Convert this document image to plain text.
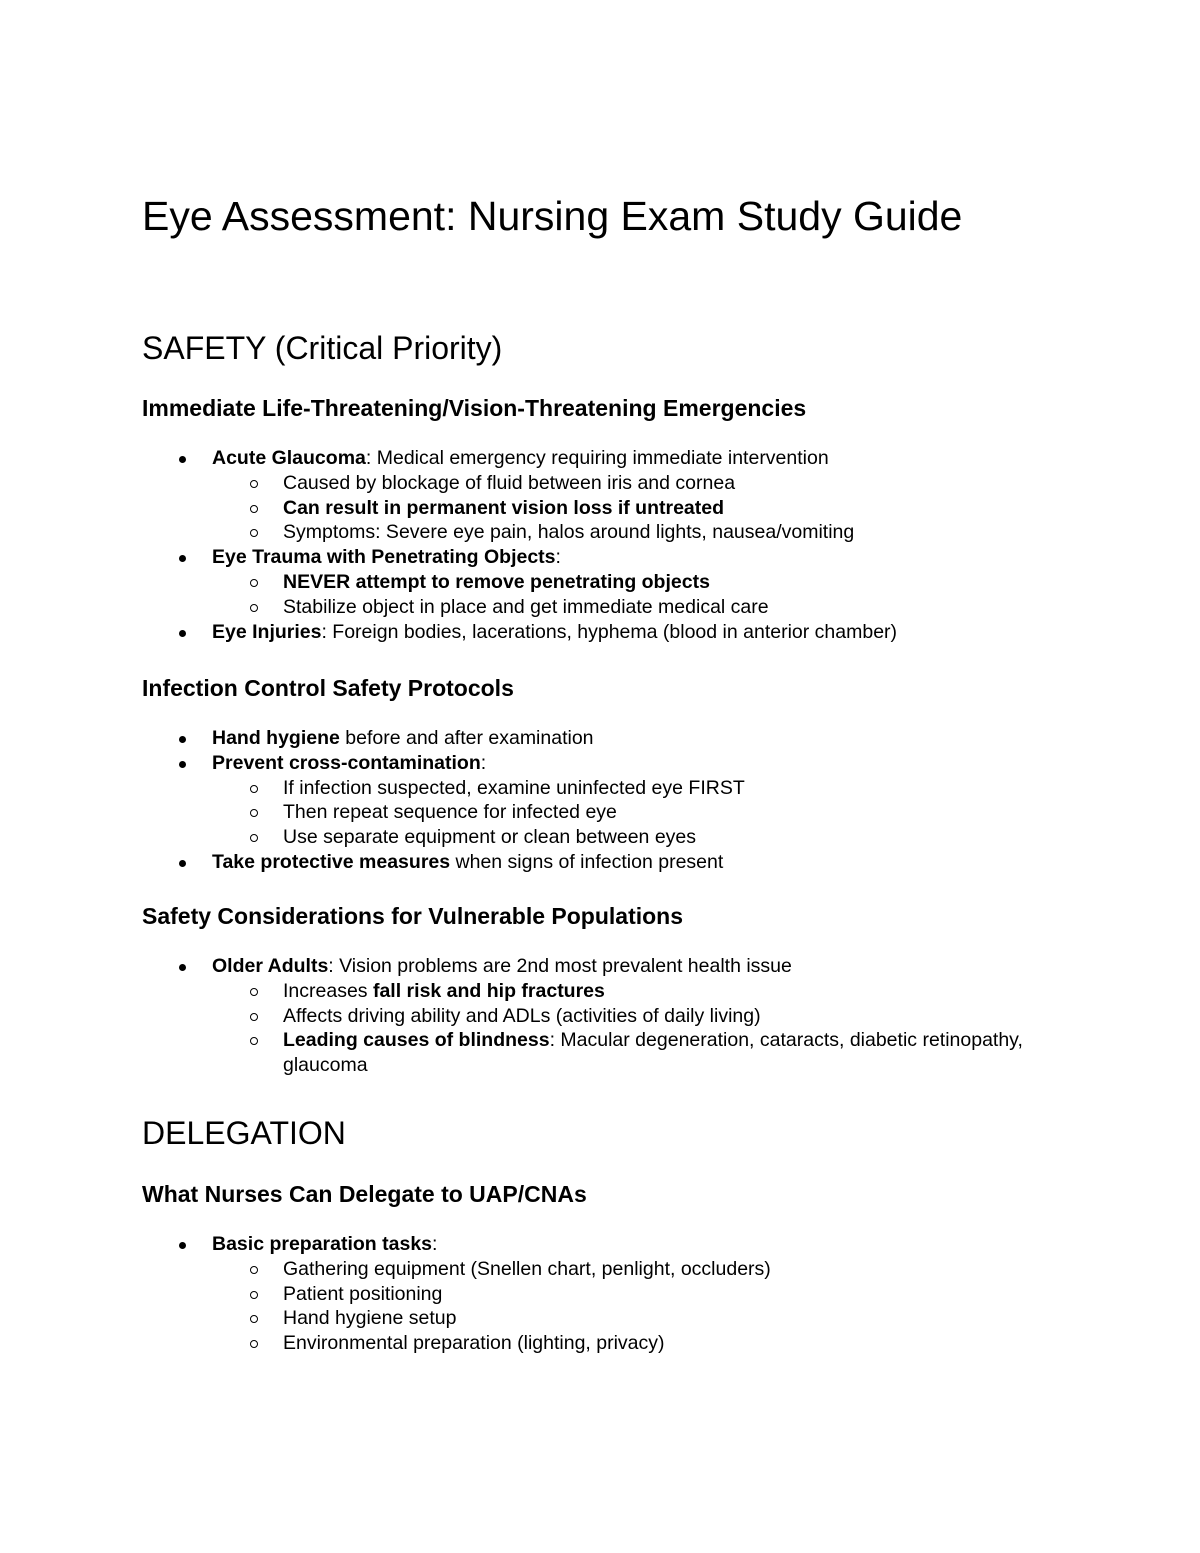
Eye Assessment: Nursing Exam Study Guide
SAFETY (Critical Priority)
Immediate Life-Threatening/Vision-Threatening Emergencies
Acute Glaucoma: Medical emergency requiring immediate intervention
Caused by blockage of fluid between iris and cornea
Can result in permanent vision loss if untreated
Symptoms: Severe eye pain, halos around lights, nausea/vomiting
Eye Trauma with Penetrating Objects:
NEVER attempt to remove penetrating objects
Stabilize object in place and get immediate medical care
Eye Injuries: Foreign bodies, lacerations, hyphema (blood in anterior chamber)
Infection Control Safety Protocols
Hand hygiene before and after examination
Prevent cross-contamination:
If infection suspected, examine uninfected eye FIRST
Then repeat sequence for infected eye
Use separate equipment or clean between eyes
Take protective measures when signs of infection present
Safety Considerations for Vulnerable Populations
Older Adults: Vision problems are 2nd most prevalent health issue
Increases fall risk and hip fractures
Affects driving ability and ADLs (activities of daily living)
Leading causes of blindness: Macular degeneration, cataracts, diabetic retinopathy, glaucoma
DELEGATION
What Nurses Can Delegate to UAP/CNAs
Basic preparation tasks:
Gathering equipment (Snellen chart, penlight, occluders)
Patient positioning
Hand hygiene setup
Environmental preparation (lighting, privacy)
